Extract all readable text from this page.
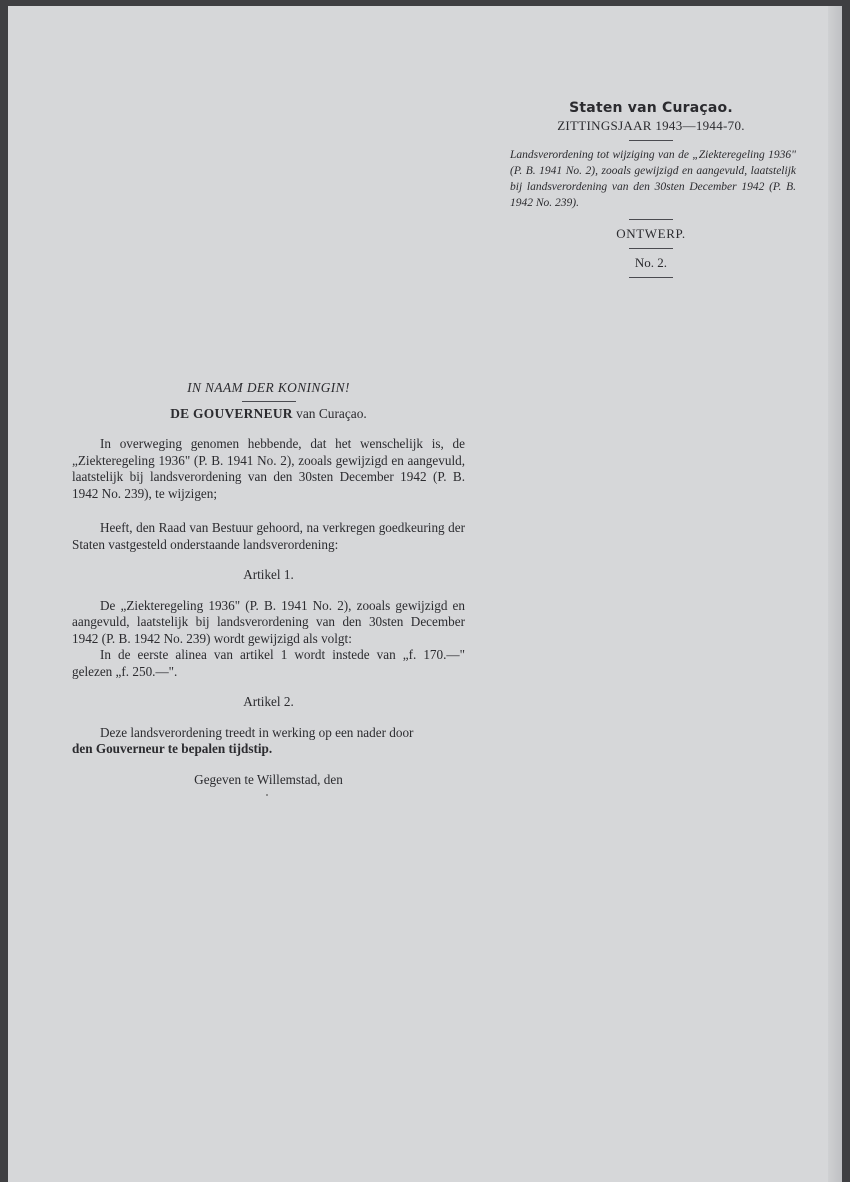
Staten van Curaçao.

ZITTINGSJAAR 1943—1944-70.

Landsverordening tot wijziging van de „Ziekteregeling 1936" (P. B. 1941 No. 2), zooals gewijzigd en aangevuld, laatstelijk bij landsverordening van den 30sten December 1942 (P. B. 1942 No. 239).

ONTWERP.

No. 2.

IN NAAM DER KONINGIN!

DE GOUVERNEUR van Curaçao.

In overweging genomen hebbende, dat het wenschelijk is, de „Ziekteregeling 1936" (P. B. 1941 No. 2), zooals gewijzigd en aangevuld, laatstelijk bij landsverordening van den 30sten December 1942 (P. B. 1942 No. 239), te wijzigen;

Heeft, den Raad van Bestuur gehoord, na verkregen goedkeuring der Staten vastgesteld onderstaande landsverordening:

Artikel 1.

De „Ziekteregeling 1936" (P. B. 1941 No. 2), zooals gewijzigd en aangevuld, laatstelijk bij landsverordening van den 30sten December 1942 (P. B. 1942 No. 239) wordt gewijzigd als volgt:

In de eerste alinea van artikel 1 wordt instede van „f. 170.—" gelezen „f. 250.—".

Artikel 2.

Deze landsverordening treedt in werking op een nader door
den Gouverneur te bepalen tijdstip.

Gegeven te Willemstad, den
